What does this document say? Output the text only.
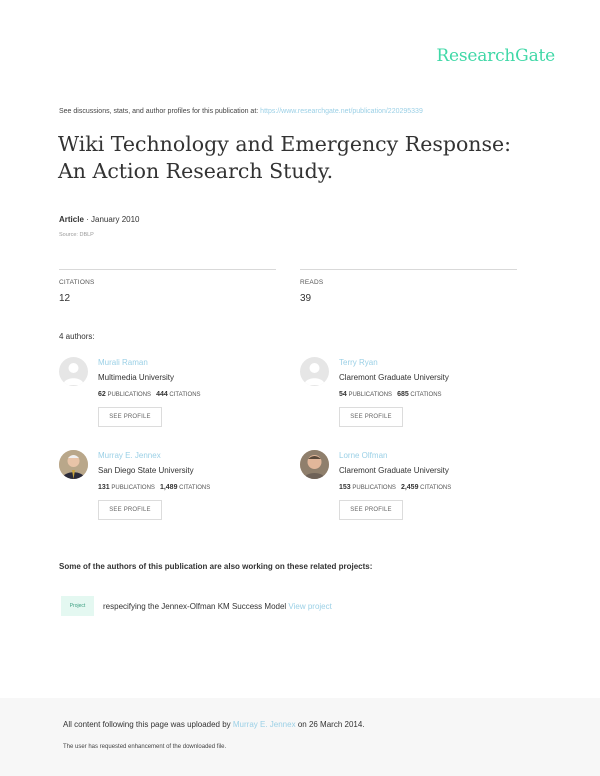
ResearchGate
See discussions, stats, and author profiles for this publication at: https://www.researchgate.net/publication/220295339
Wiki Technology and Emergency Response: An Action Research Study.
Article · January 2010
Source: DBLP
CITATIONS
12
READS
39
4 authors:
Murali Raman
Multimedia University
62 PUBLICATIONS 444 CITATIONS
SEE PROFILE
Terry Ryan
Claremont Graduate University
54 PUBLICATIONS 685 CITATIONS
SEE PROFILE
Murray E. Jennex
San Diego State University
131 PUBLICATIONS 1,489 CITATIONS
SEE PROFILE
Lorne Olfman
Claremont Graduate University
153 PUBLICATIONS 2,459 CITATIONS
SEE PROFILE
Some of the authors of this publication are also working on these related projects:
Project	respecifying the Jennex-Olfman KM Success Model View project
All content following this page was uploaded by Murray E. Jennex on 26 March 2014.
The user has requested enhancement of the downloaded file.
